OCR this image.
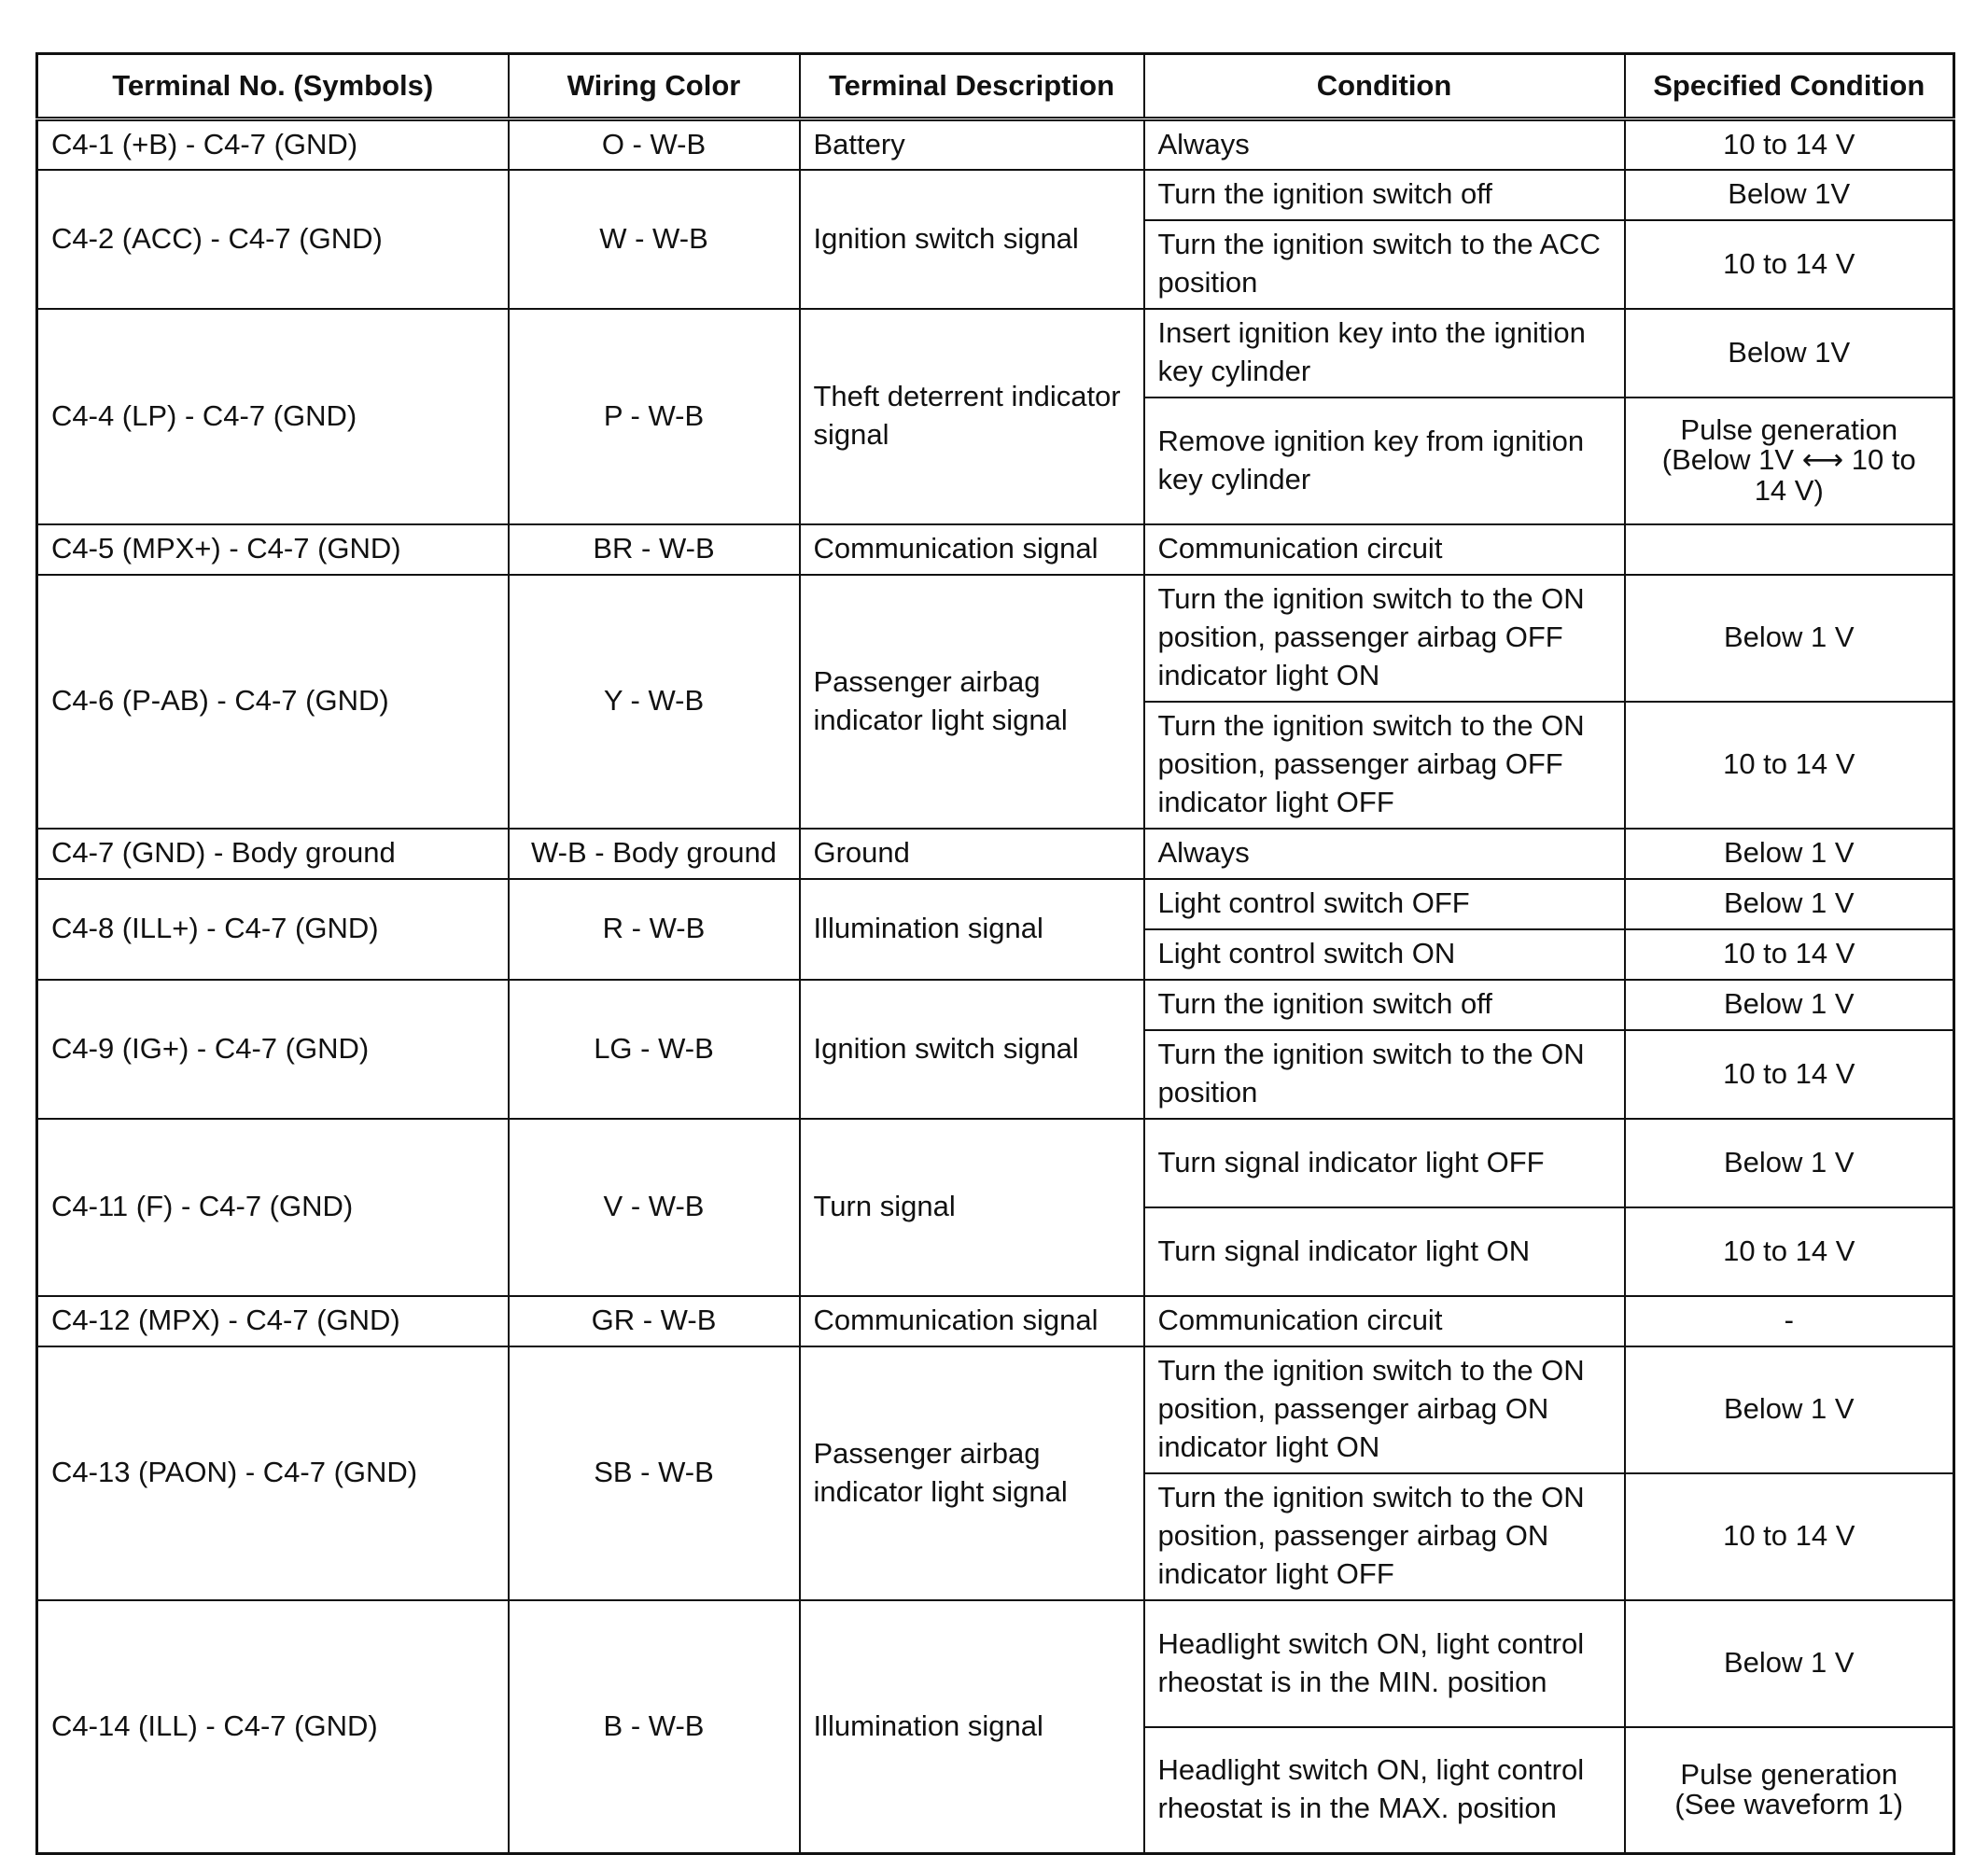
Terminal No. (Symbols)	Wiring Color	Terminal Description	Condition	Specified Condition
C4-1 (+B) - C4-7 (GND)	O - W-B	Battery	Always	10 to 14 V
C4-2 (ACC) - C4-7 (GND)	W - W-B	Ignition switch signal	Turn the ignition switch off	Below 1V
			Turn the ignition switch to the ACC position	10 to 14 V
C4-4 (LP) - C4-7 (GND)	P - W-B	Theft deterrent indicator signal	Insert ignition key into the ignition key cylinder	Below 1V
			Remove ignition key from ignition key cylinder	Pulse generation
(Below 1V ⟷ 10 to
14 V)
C4-5 (MPX+) - C4-7 (GND)	BR - W-B	Communication signal	Communication circuit	
C4-6 (P-AB) - C4-7 (GND)	Y - W-B	Passenger airbag indicator light signal	Turn the ignition switch to the ON position, passenger airbag OFF indicator light ON	Below 1 V
			Turn the ignition switch to the ON position, passenger airbag OFF indicator light OFF	10 to 14 V
C4-7 (GND) - Body ground	W-B - Body ground	Ground	Always	Below 1 V
C4-8 (ILL+) - C4-7 (GND)	R - W-B	Illumination signal	Light control switch OFF	Below 1 V
			Light control switch ON	10 to 14 V
C4-9 (IG+) - C4-7 (GND)	LG - W-B	Ignition switch signal	Turn the ignition switch off	Below 1 V
			Turn the ignition switch to the ON position	10 to 14 V
C4-11 (F) - C4-7 (GND)	V - W-B	Turn signal	Turn signal indicator light OFF	Below 1 V
			Turn signal indicator light ON	10 to 14 V
C4-12 (MPX) - C4-7 (GND)	GR - W-B	Communication signal	Communication circuit	-
C4-13 (PAON) - C4-7 (GND)	SB - W-B	Passenger airbag indicator light signal	Turn the ignition switch to the ON position, passenger airbag ON indicator light ON	Below 1 V
			Turn the ignition switch to the ON position, passenger airbag ON indicator light OFF	10 to 14 V
C4-14 (ILL) - C4-7 (GND)	B - W-B	Illumination signal	Headlight switch ON, light control rheostat is in the MIN. position	Below 1 V
			Headlight switch ON, light control rheostat is in the MAX. position	Pulse generation
(See waveform 1)
